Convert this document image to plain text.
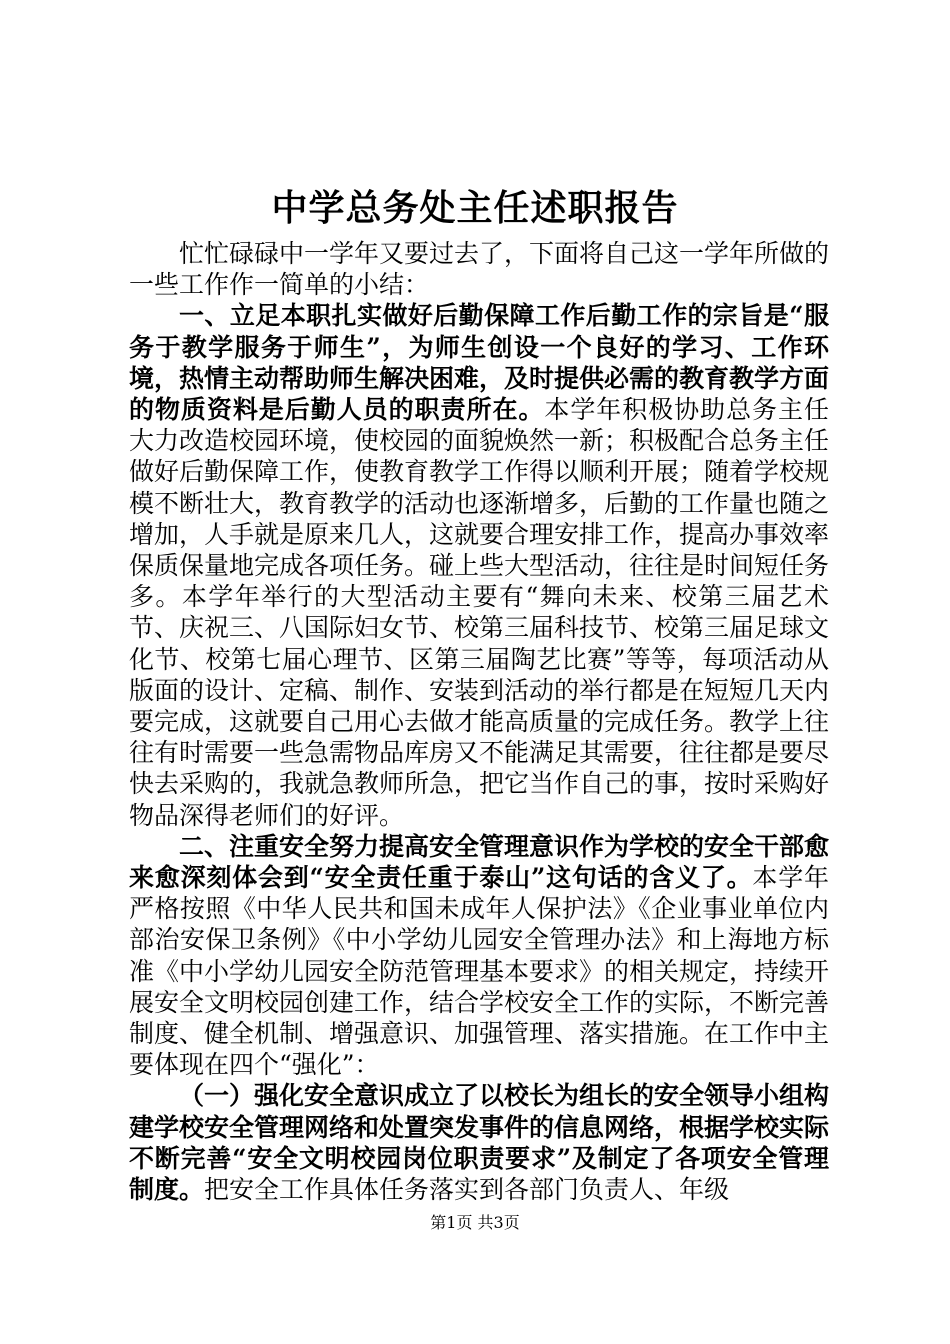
中学总务处主任述职报告

忙忙碌碌中一学年又要过去了，下面将自己这一学年所做的一些工作作一简单的小结：

一、立足本职扎实做好后勤保障工作后勤工作的宗旨是“服务于教学服务于师生”，为师生创设一个良好的学习、工作环境，热情主动帮助师生解决困难，及时提供必需的教育教学方面的物质资料是后勤人员的职责所在。本学年积极协助总务主任大力改造校园环境，使校园的面貌焕然一新；积极配合总务主任做好后勤保障工作，使教育教学工作得以顺利开展；随着学校规模不断壮大，教育教学的活动也逐渐增多，后勤的工作量也随之增加，人手就是原来几人，这就要合理安排工作，提高办事效率保质保量地完成各项任务。碰上些大型活动，往往是时间短任务多。本学年举行的大型活动主要有“舞向未来、校第三届艺术节、庆祝三、八国际妇女节、校第三届科技节、校第三届足球文化节、校第七届心理节、区第三届陶艺比赛”等等，每项活动从版面的设计、定稿、制作、安装到活动的举行都是在短短几天内要完成，这就要自己用心去做才能高质量的完成任务。教学上往往有时需要一些急需物品库房又不能满足其需要，往往都是要尽快去采购的，我就急教师所急，把它当作自己的事，按时采购好物品深得老师们的好评。

二、注重安全努力提高安全管理意识作为学校的安全干部愈来愈深刻体会到“安全责任重于泰山”这句话的含义了。本学年严格按照《中华人民共和国未成年人保护法》《企业事业单位内部治安保卫条例》《中小学幼儿园安全管理办法》和上海地方标准《中小学幼儿园安全防范管理基本要求》的相关规定，持续开展安全文明校园创建工作，结合学校安全工作的实际，不断完善制度、健全机制、增强意识、加强管理、落实措施。在工作中主要体现在四个“强化”：

（一）强化安全意识成立了以校长为组长的安全领导小组构建学校安全管理网络和处置突发事件的信息网络，根据学校实际不断完善“安全文明校园岗位职责要求”及制定了各项安全管理制度。把安全工作具体任务落实到各部门负责人、年级

第1页 共3页
